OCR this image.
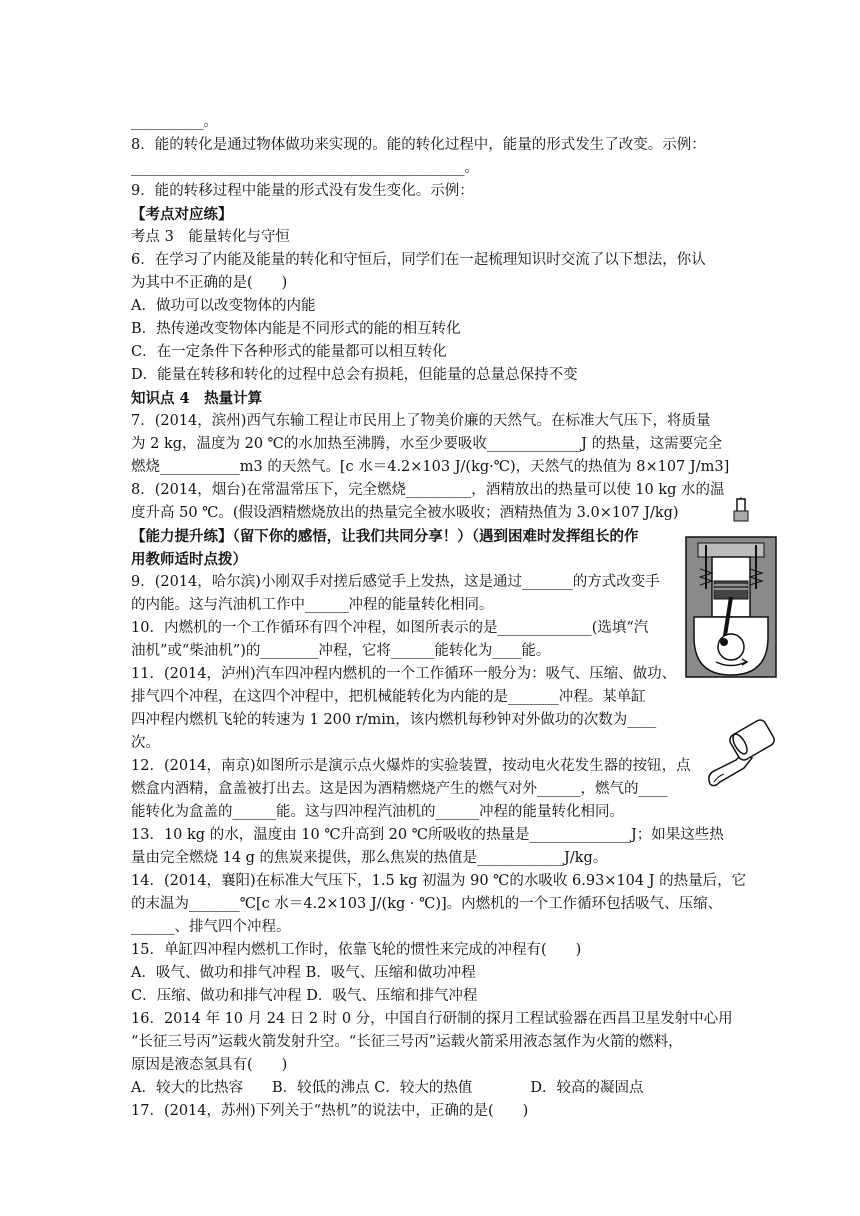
__________。
8．能的转化是通过物体做功来实现的。能的转化过程中，能量的形式发生了改变。示例：
______________________________________________。
9．能的转移过程中能量的形式没有发生变化。示例：
【考点对应练】
考点 3　能量转化与守恒
6．在学习了内能及能量的转化和守恒后，同学们在一起梳理知识时交流了以下想法，你认
为其中不正确的是(　　)
A．做功可以改变物体的内能
B．热传递改变物体内能是不同形式的能的相互转化
C．在一定条件下各种形式的能量都可以相互转化
D．能量在转移和转化的过程中总会有损耗，但能量的总量总保持不变
知识点 4　热量计算
7．(2014，滨州)西气东输工程让市民用上了物美价廉的天然气。在标准大气压下，将质量
为 2 kg，温度为 20 ℃的水加热至沸腾，水至少要吸收_____________J 的热量，这需要完全
燃烧___________m3 的天然气。[c 水＝4.2×103 J/(kg·℃)，天然气的热值为 8×107 J/m3]
8．(2014，烟台)在常温常压下，完全燃烧_________，酒精放出的热量可以使 10 kg 水的温
度升高 50 ℃。(假设酒精燃烧放出的热量完全被水吸收；酒精热值为 3.0×107 J/kg)
【能力提升练】（留下你的感悟，让我们共同分享！）（遇到困难时发挥组长的作
用教师适时点拨）
9．(2014，哈尔滨)小刚双手对搓后感觉手上发热，这是通过_______的方式改变手
的内能。这与汽油机工作中______冲程的能量转化相同。
10．内燃机的一个工作循环有四个冲程，如图所表示的是_____________(选填“汽
油机”或“柴油机”)的________冲程，它将______能转化为____能。
11．(2014，泸州)汽车四冲程内燃机的一个工作循环一般分为：吸气、压缩、做功、
排气四个冲程，在这四个冲程中，把机械能转化为内能的是_______冲程。某单缸
四冲程内燃机飞轮的转速为 1 200 r/min，该内燃机每秒钟对外做功的次数为____
次。
12．(2014，南京)如图所示是演示点火爆炸的实验装置，按动电火花发生器的按钮，点
燃盒内酒精，盒盖被打出去。这是因为酒精燃烧产生的燃气对外______，燃气的____
能转化为盒盖的______能。这与四冲程汽油机的______冲程的能量转化相同。
13．10 kg 的水，温度由 10 ℃升高到 20 ℃所吸收的热量是______________J；如果这些热
量由完全燃烧 14 g 的焦炭来提供，那么焦炭的热值是____________J/kg。
14．(2014，襄阳)在标准大气压下，1.5 kg 初温为 90 ℃的水吸收 6.93×104 J 的热量后，它
的末温为_______℃[c 水＝4.2×103 J/(kg · ℃)]。内燃机的一个工作循环包括吸气、压缩、
______、排气四个冲程。
15．单缸四冲程内燃机工作时，依靠飞轮的惯性来完成的冲程有(　　)
A．吸气、做功和排气冲程 B．吸气、压缩和做功冲程
C．压缩、做功和排气冲程 D．吸气、压缩和排气冲程
16．2014 年 10 月 24 日 2 时 0 分，中国自行研制的探月工程试验器在西昌卫星发射中心用
“长征三号丙”运载火箭发射升空。“长征三号丙”运载火箭采用液态氢作为火箭的燃料，
原因是液态氢具有(　　)
A．较大的比热容　　B．较低的沸点 C．较大的热值　　　　D．较高的凝固点
17．(2014，苏州)下列关于“热机”的说法中，正确的是(　　)
